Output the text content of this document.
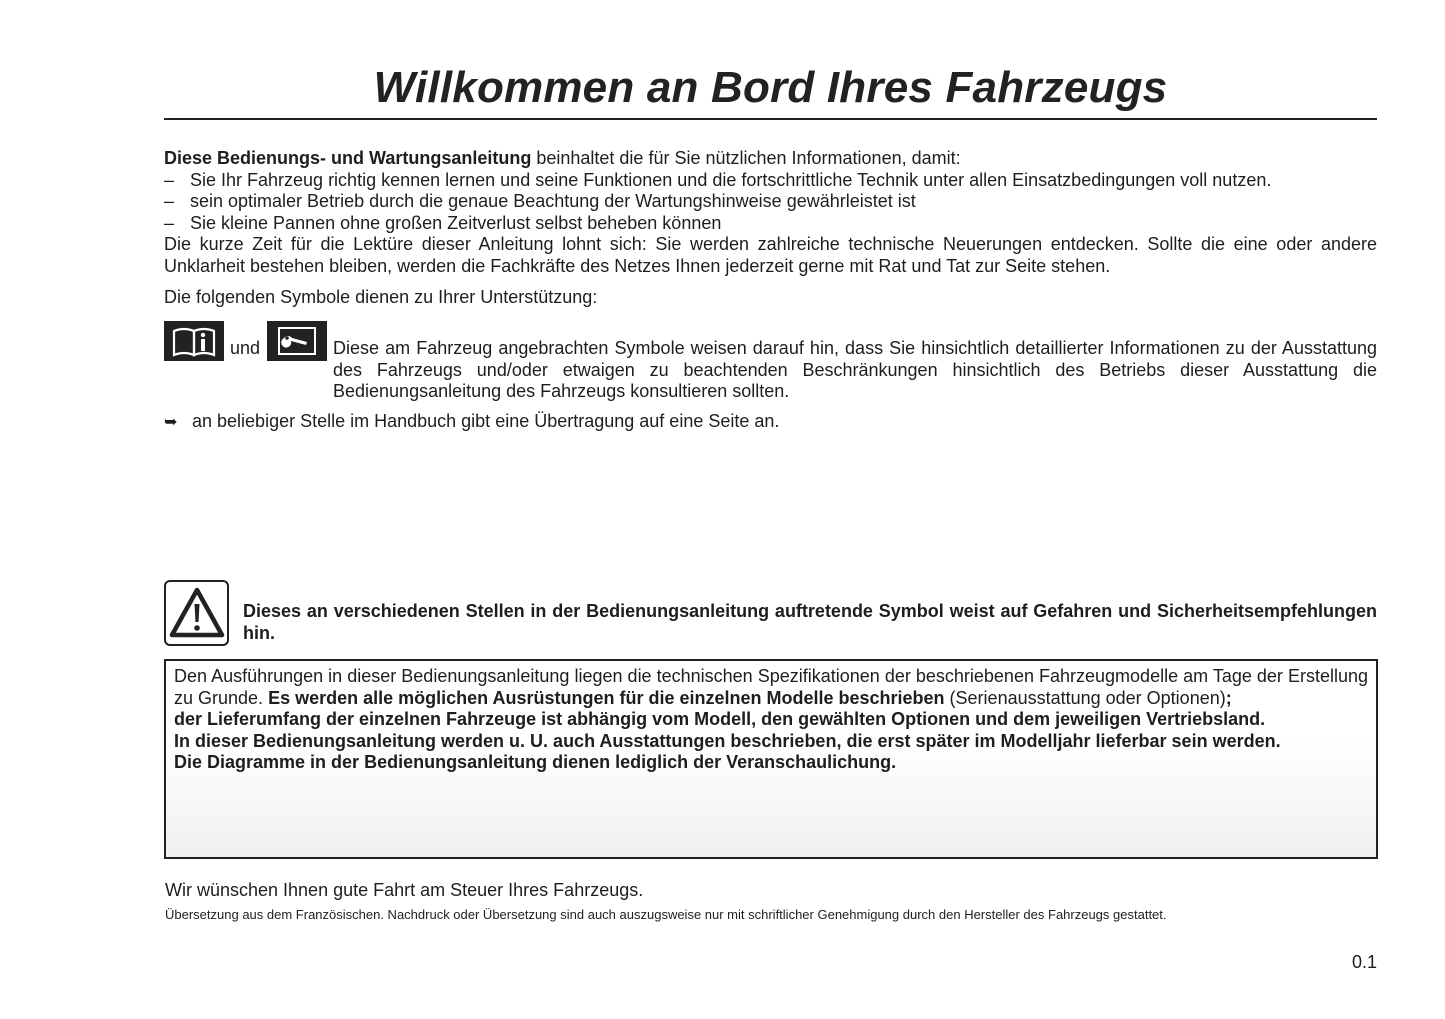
Willkommen an Bord Ihres Fahrzeugs

Diese Bedienungs- und Wartungsanleitung beinhaltet die für Sie nützlichen Informationen, damit:

– Sie Ihr Fahrzeug richtig kennen lernen und seine Funktionen und die fortschrittliche Technik unter allen Einsatzbedingungen voll nutzen.

– sein optimaler Betrieb durch die genaue Beachtung der Wartungshinweise gewährleistet ist

– Sie kleine Pannen ohne großen Zeitverlust selbst beheben können

Die kurze Zeit für die Lektüre dieser Anleitung lohnt sich: Sie werden zahlreiche technische Neuerungen entdecken. Sollte die eine oder andere Unklarheit bestehen bleiben, werden die Fachkräfte des Netzes Ihnen jederzeit gerne mit Rat und Tat zur Seite stehen.

Die folgenden Symbole dienen zu Ihrer Unterstützung:
und	Diese am Fahrzeug angebrachten Symbole weisen darauf hin, dass Sie hinsichtlich detaillierter Informationen zu der Ausstattung des Fahrzeugs und/oder etwaigen zu beachtenden Beschränkungen hinsichtlich des Betriebs dieser Ausstattung die Bedienungsanleitung des Fahrzeugs konsultieren sollten.
➥ an beliebiger Stelle im Handbuch gibt eine Übertragung auf eine Seite an.
Dieses an verschiedenen Stellen in der Bedienungsanleitung auftretende Symbol weist auf Gefahren und Sicherheitsempfehlungen hin.

Den Ausführungen in dieser Bedienungsanleitung liegen die technischen Spezifikationen der beschriebenen Fahrzeugmodelle am Tage der Erstellung zu Grunde. Es werden alle möglichen Ausrüstungen für die einzelnen Modelle beschrieben (Serienausstattung oder Optionen);

der Lieferumfang der einzelnen Fahrzeuge ist abhängig vom Modell, den gewählten Optionen und dem jeweiligen Vertriebsland.

In dieser Bedienungsanleitung werden u. U. auch Ausstattungen beschrieben, die erst später im Modelljahr lieferbar sein werden.

Die Diagramme in der Bedienungsanleitung dienen lediglich der Veranschaulichung.

Wir wünschen Ihnen gute Fahrt am Steuer Ihres Fahrzeugs.
Übersetzung aus dem Französischen. Nachdruck oder Übersetzung sind auch auszugsweise nur mit schriftlicher Genehmigung durch den Hersteller des Fahrzeugs gestattet.
0.1
